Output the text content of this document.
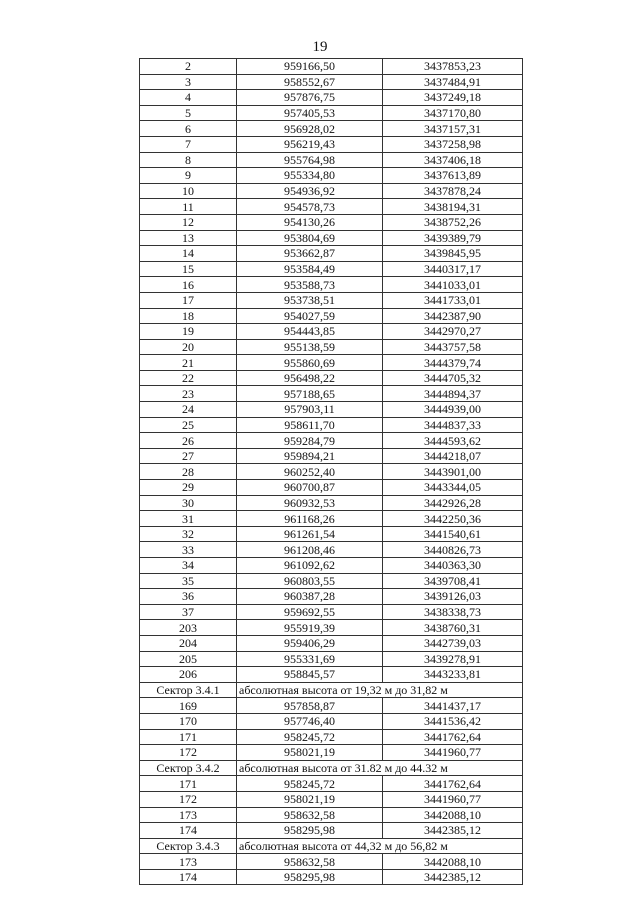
19
2	959166,50	3437853,23
3	958552,67	3437484,91
4	957876,75	3437249,18
5	957405,53	3437170,80
6	956928,02	3437157,31
7	956219,43	3437258,98
8	955764,98	3437406,18
9	955334,80	3437613,89
10	954936,92	3437878,24
11	954578,73	3438194,31
12	954130,26	3438752,26
13	953804,69	3439389,79
14	953662,87	3439845,95
15	953584,49	3440317,17
16	953588,73	3441033,01
17	953738,51	3441733,01
18	954027,59	3442387,90
19	954443,85	3442970,27
20	955138,59	3443757,58
21	955860,69	3444379,74
22	956498,22	3444705,32
23	957188,65	3444894,37
24	957903,11	3444939,00
25	958611,70	3444837,33
26	959284,79	3444593,62
27	959894,21	3444218,07
28	960252,40	3443901,00
29	960700,87	3443344,05
30	960932,53	3442926,28
31	961168,26	3442250,36
32	961261,54	3441540,61
33	961208,46	3440826,73
34	961092,62	3440363,30
35	960803,55	3439708,41
36	960387,28	3439126,03
37	959692,55	3438338,73
203	955919,39	3438760,31
204	959406,29	3442739,03
205	955331,69	3439278,91
206	958845,57	3443233,81
Сектор 3.4.1	абсолютная высота от 19,32 м до 31,82 м	
169	957858,87	3441437,17
170	957746,40	3441536,42
171	958245,72	3441762,64
172	958021,19	3441960,77
Сектор 3.4.2	абсолютная высота от 31.82 м до 44.32 м	
171	958245,72	3441762,64
172	958021,19	3441960,77
173	958632,58	3442088,10
174	958295,98	3442385,12
Сектор 3.4.3	абсолютная высота от 44,32 м до 56,82 м	
173	958632,58	3442088,10
174	958295,98	3442385,12
